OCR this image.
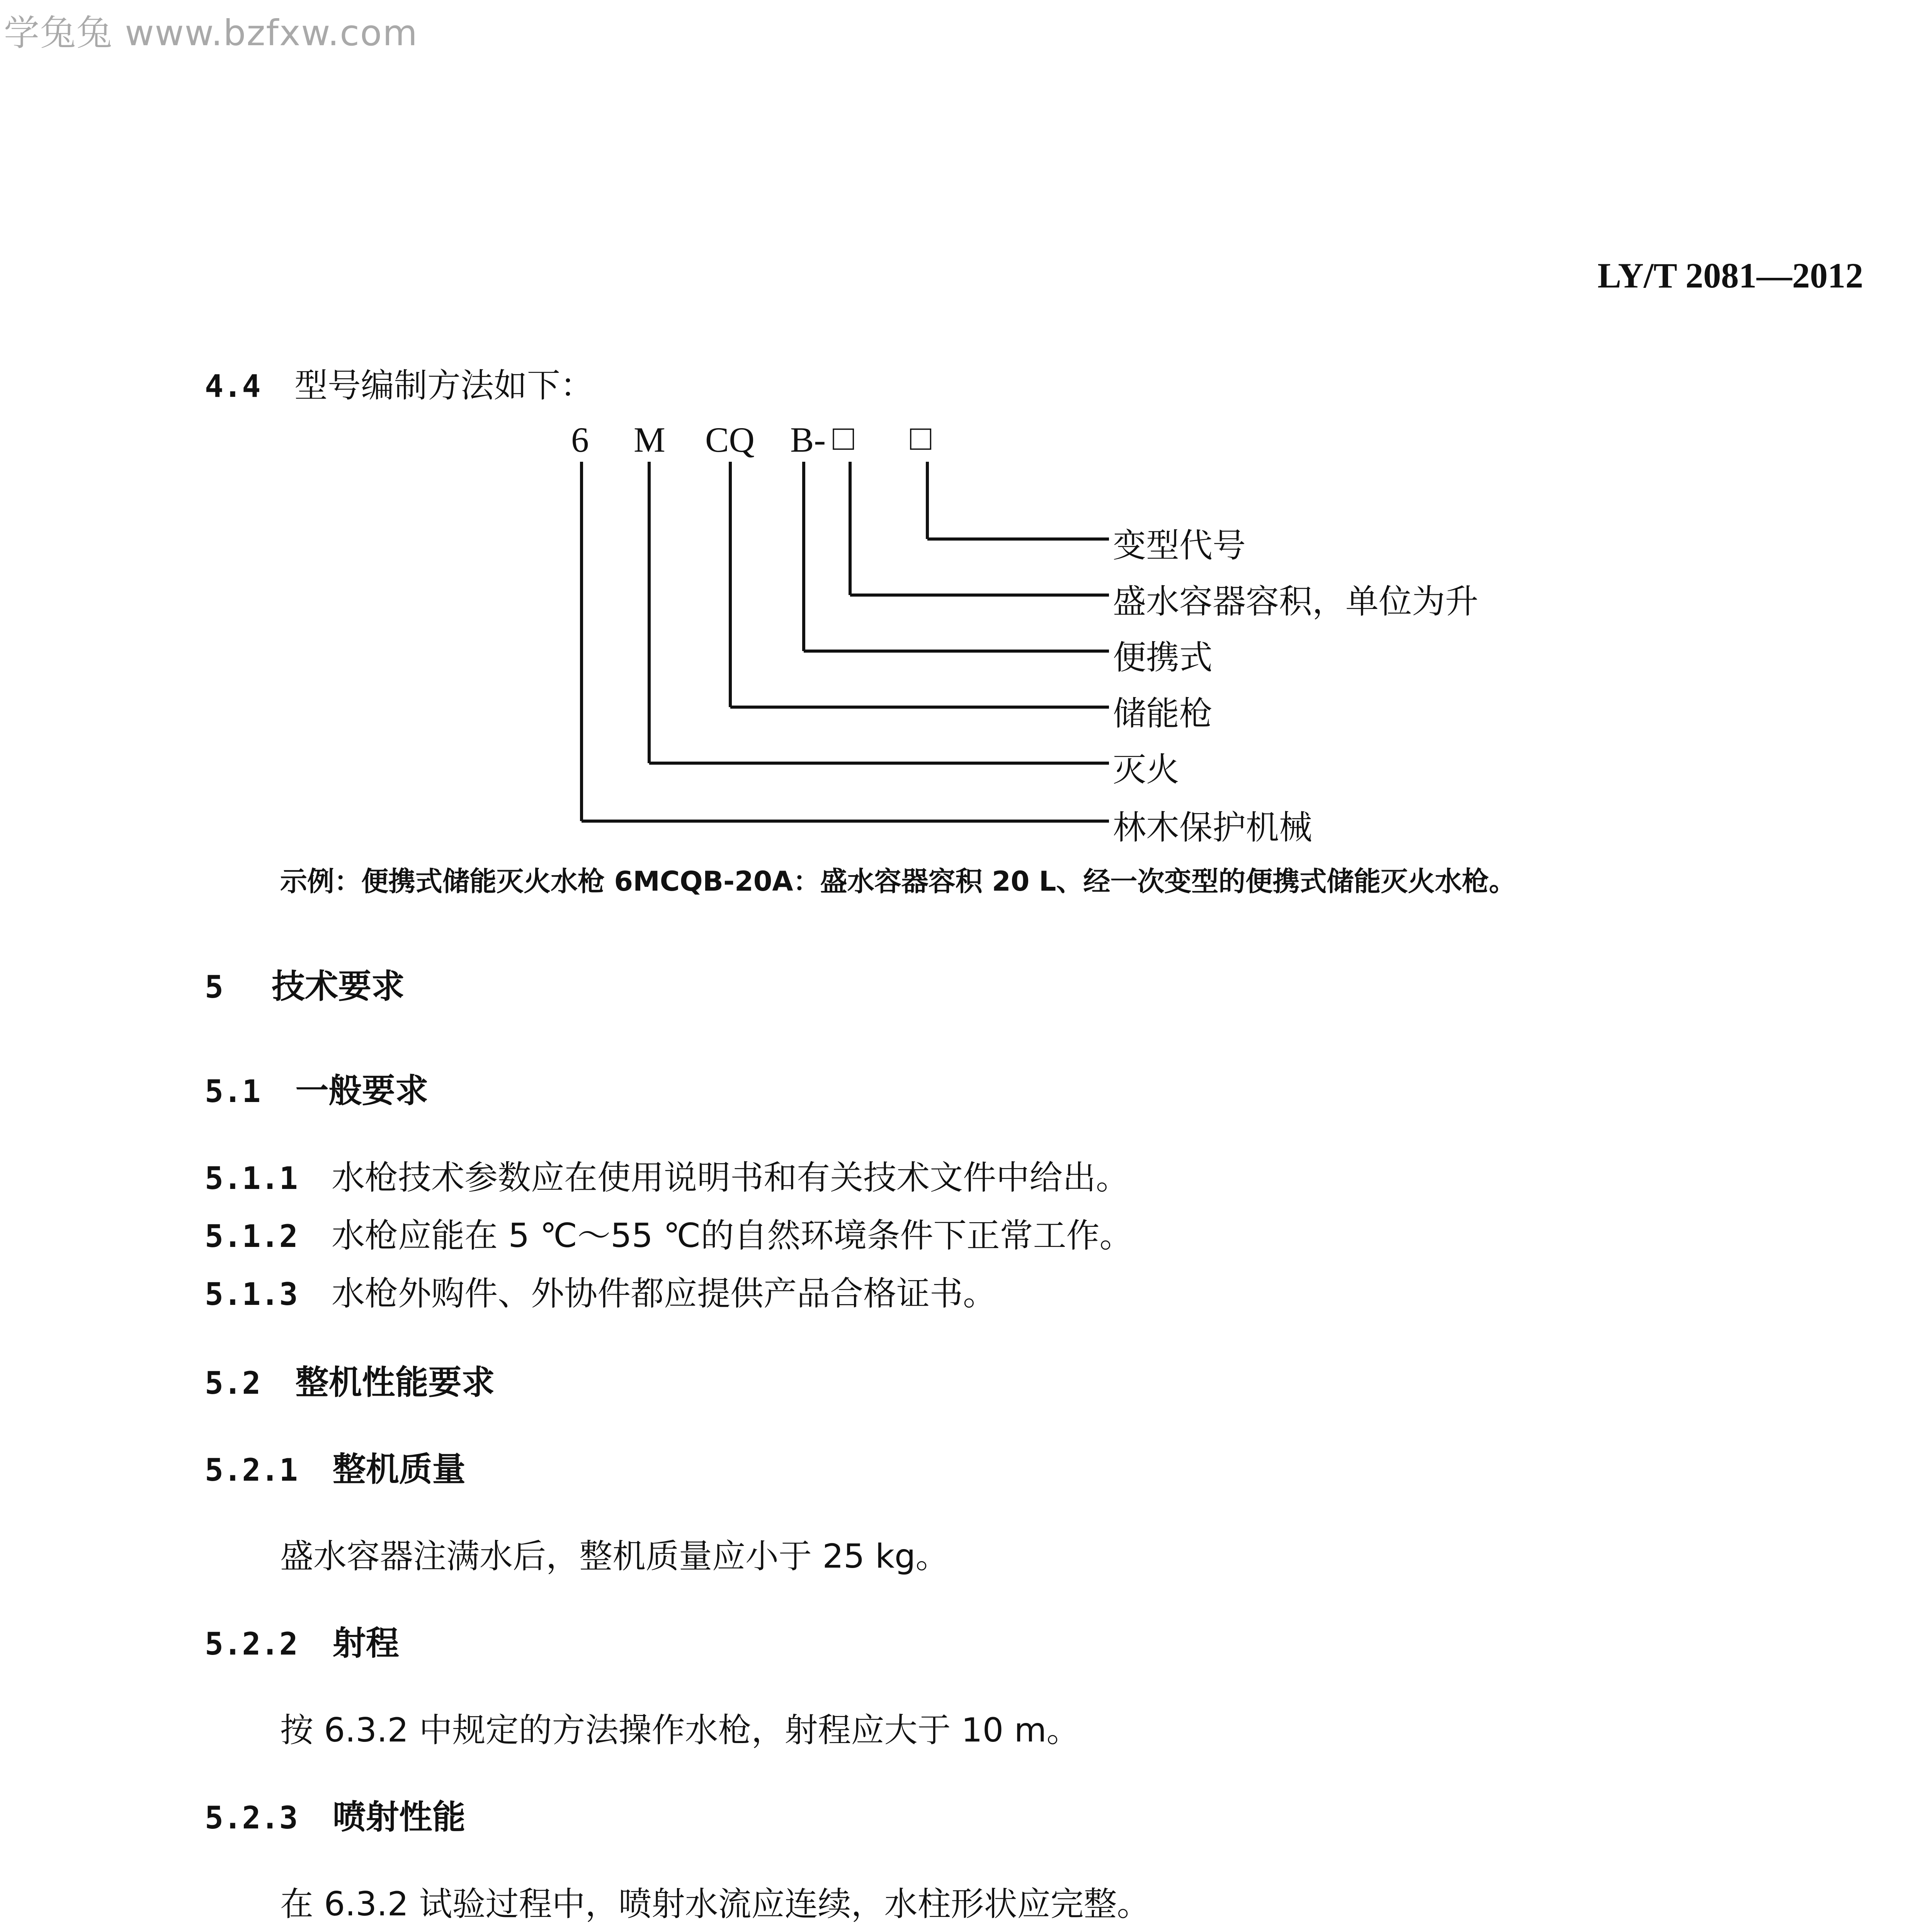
学兔兔 www.bzfxw.com
LY/T 2081—2012
4.4 型号编制方法如下：
6 M CQ B- □ □
变型代号
盛水容器容积，单位为升
便携式
储能枪
灭火
林木保护机械
示例：便携式储能灭火水枪 6MCQB-20A：盛水容器容积 20 L、经一次变型的便携式储能灭火水枪。
5 技术要求
5.1 一般要求
5.1.1 水枪技术参数应在使用说明书和有关技术文件中给出。
5.1.2 水枪应能在 5 ℃～55 ℃的自然环境条件下正常工作。
5.1.3 水枪外购件、外协件都应提供产品合格证书。
5.2 整机性能要求
5.2.1 整机质量
盛水容器注满水后，整机质量应小于 25 kg。
5.2.2 射程
按 6.3.2 中规定的方法操作水枪，射程应大于 10 m。
5.2.3 喷射性能
在 6.3.2 试验过程中，喷射水流应连续，水柱形状应完整。
